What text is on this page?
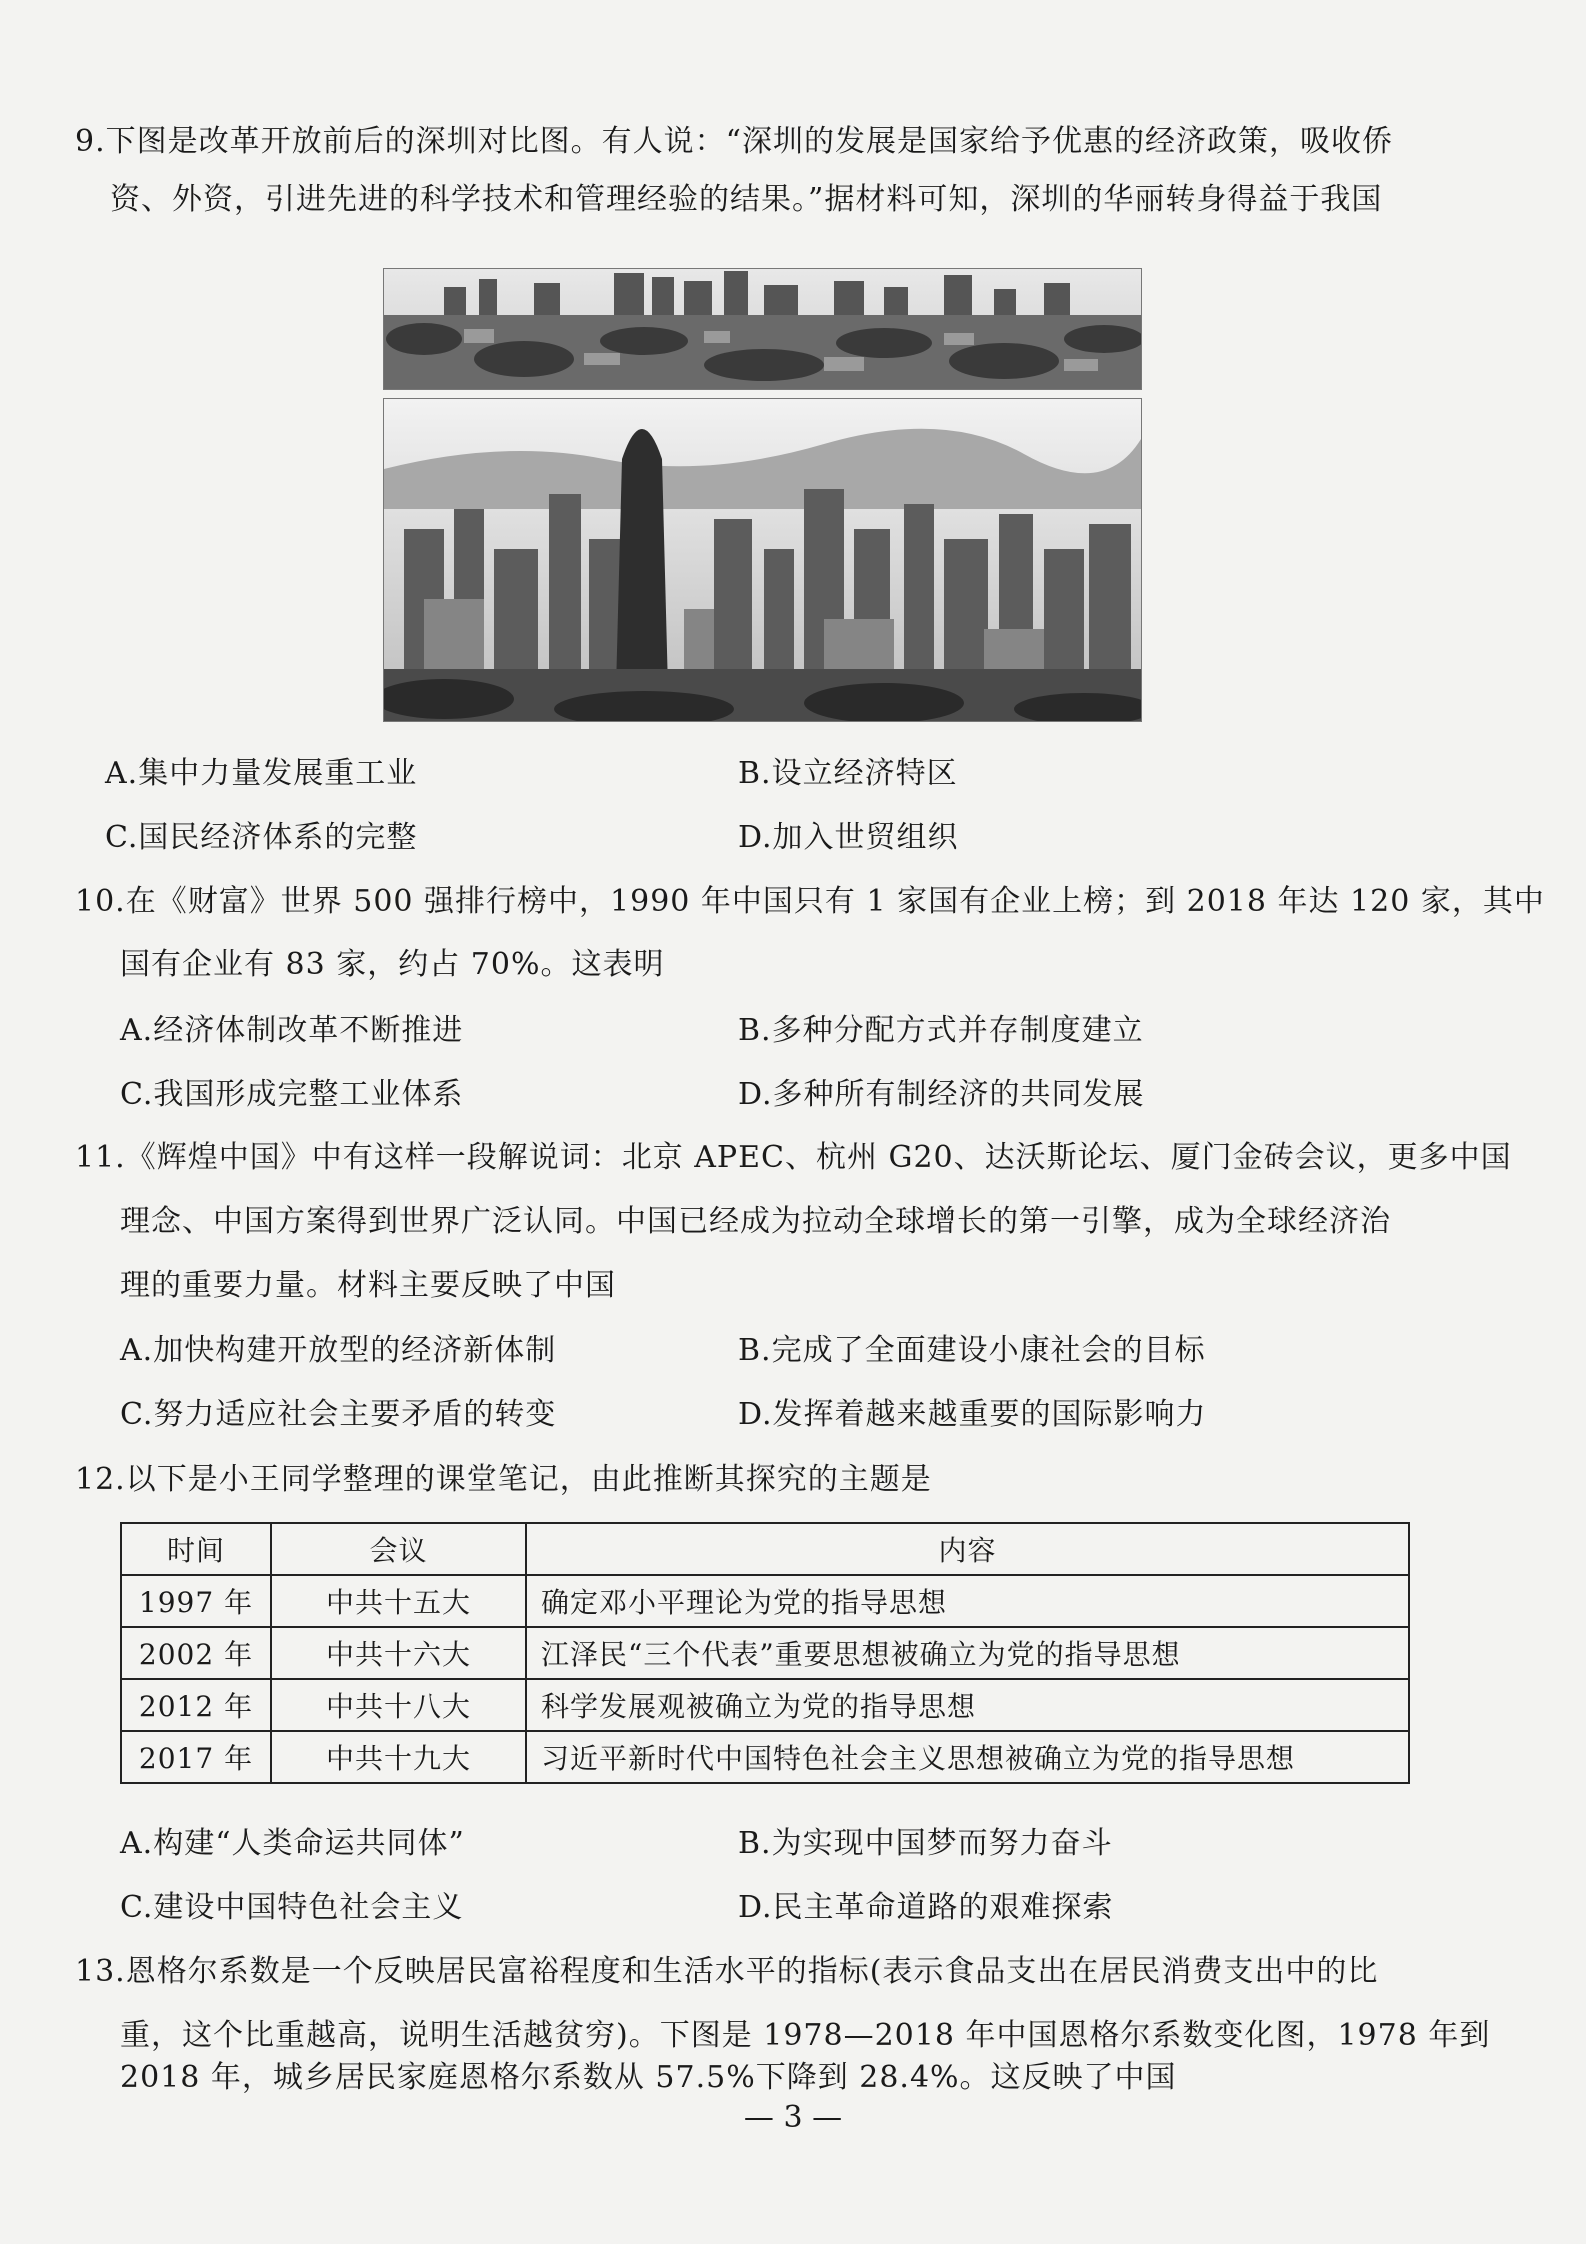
9.下图是改革开放前后的深圳对比图。有人说：“深圳的发展是国家给予优惠的经济政策，吸收侨
资、外资，引进先进的科学技术和管理经验的结果。”据材料可知，深圳的华丽转身得益于我国
A.集中力量发展重工业	B.设立经济特区
C.国民经济体系的完整	D.加入世贸组织
10.在《财富》世界 500 强排行榜中，1990 年中国只有 1 家国有企业上榜；到 2018 年达 120 家，其中
国有企业有 83 家，约占 70%。这表明
A.经济体制改革不断推进	B.多种分配方式并存制度建立
C.我国形成完整工业体系	D.多种所有制经济的共同发展
11.《辉煌中国》中有这样一段解说词：北京 APEC、杭州 G20、达沃斯论坛、厦门金砖会议，更多中国
理念、中国方案得到世界广泛认同。中国已经成为拉动全球增长的第一引擎，成为全球经济治
理的重要力量。材料主要反映了中国
A.加快构建开放型的经济新体制	B.完成了全面建设小康社会的目标
C.努力适应社会主要矛盾的转变	D.发挥着越来越重要的国际影响力
12.以下是小王同学整理的课堂笔记，由此推断其探究的主题是
时间	会议	内容
1997 年	中共十五大	确定邓小平理论为党的指导思想
2002 年	中共十六大	江泽民“三个代表”重要思想被确立为党的指导思想
2012 年	中共十八大	科学发展观被确立为党的指导思想
2017 年	中共十九大	习近平新时代中国特色社会主义思想被确立为党的指导思想
A.构建“人类命运共同体”	B.为实现中国梦而努力奋斗
C.建设中国特色社会主义	D.民主革命道路的艰难探索
13.恩格尔系数是一个反映居民富裕程度和生活水平的指标(表示食品支出在居民消费支出中的比
重，这个比重越高，说明生活越贫穷)。下图是 1978—2018 年中国恩格尔系数变化图，1978 年到
2018 年，城乡居民家庭恩格尔系数从 57.5%下降到 28.4%。这反映了中国
— 3 —
